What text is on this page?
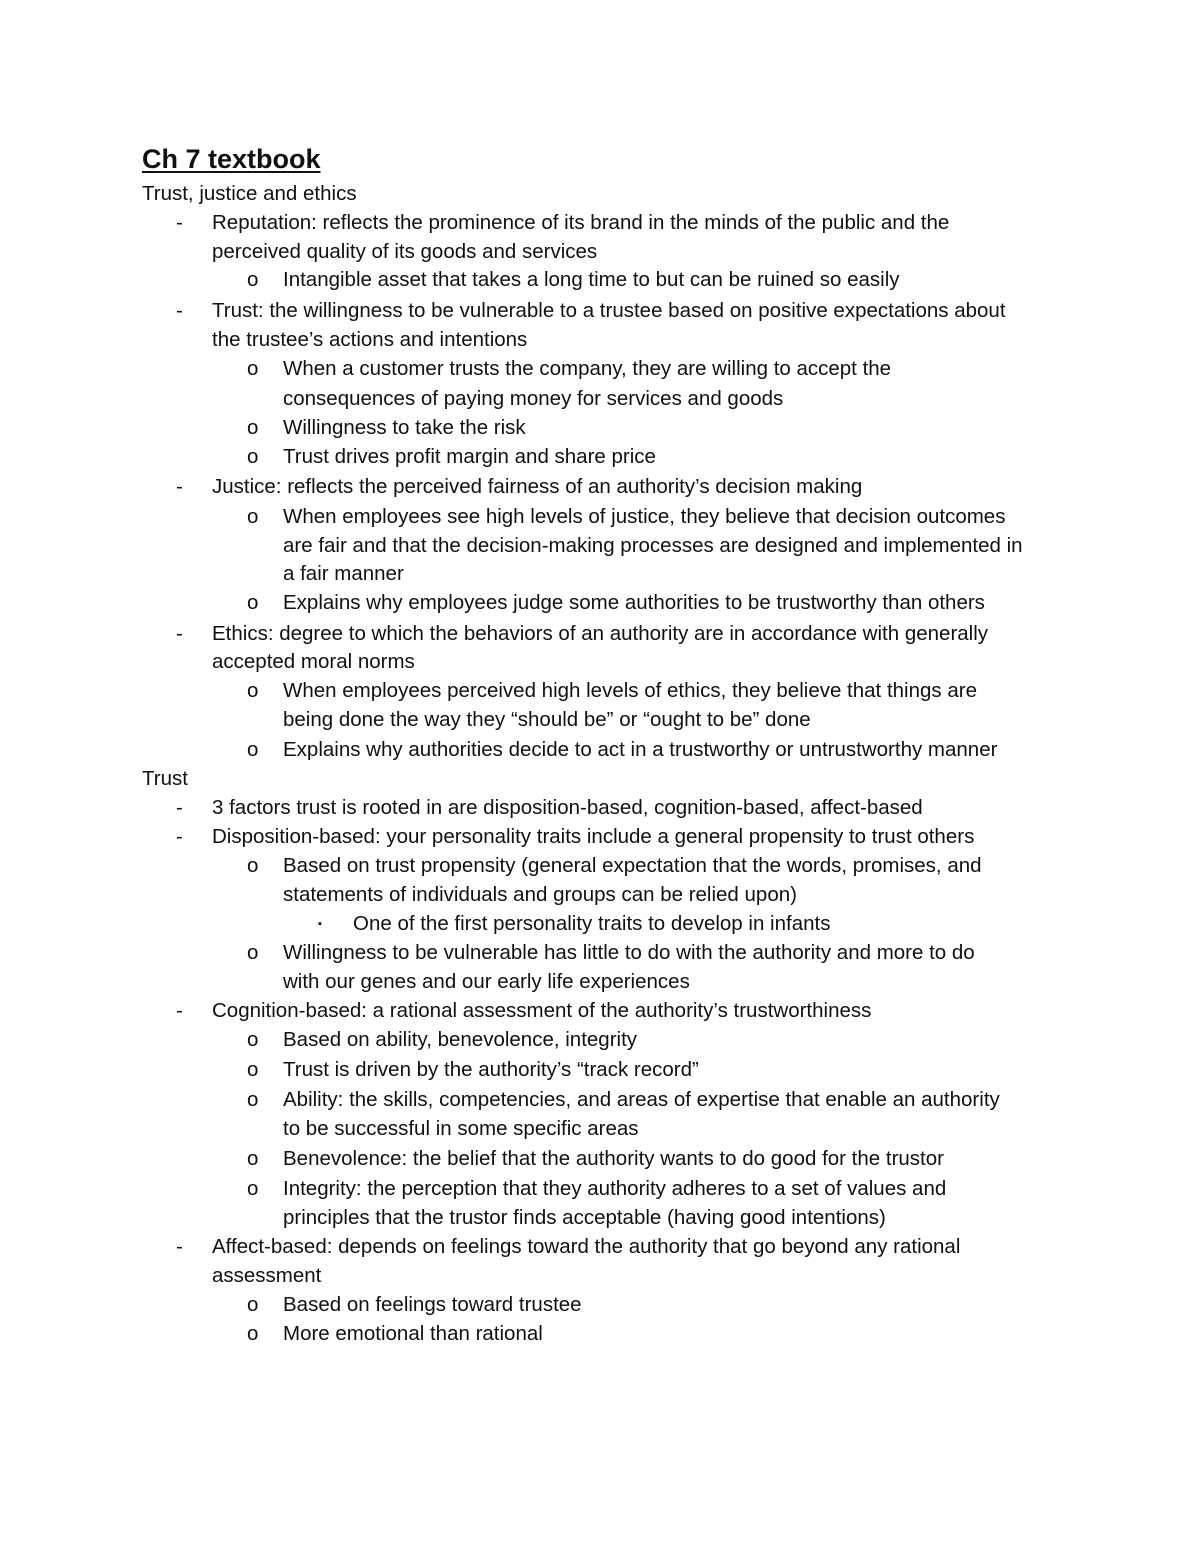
Ch 7 textbook
Trust, justice and ethics
- Reputation: reflects the prominence of its brand in the minds of the public and the
perceived quality of its goods and services
o Intangible asset that takes a long time to but can be ruined so easily
- Trust: the willingness to be vulnerable to a trustee based on positive expectations about
the trustee’s actions and intentions
o When a customer trusts the company, they are willing to accept the
consequences of paying money for services and goods
o Willingness to take the risk
o Trust drives profit margin and share price
- Justice: reflects the perceived fairness of an authority’s decision making
o When employees see high levels of justice, they believe that decision outcomes
are fair and that the decision-making processes are designed and implemented in
a fair manner
o Explains why employees judge some authorities to be trustworthy than others
- Ethics: degree to which the behaviors of an authority are in accordance with generally
accepted moral norms
o When employees perceived high levels of ethics, they believe that things are
being done the way they “should be” or “ought to be” done
o Explains why authorities decide to act in a trustworthy or untrustworthy manner
Trust
- 3 factors trust is rooted in are disposition-based, cognition-based, affect-based
- Disposition-based: your personality traits include a general propensity to trust others
o Based on trust propensity (general expectation that the words, promises, and
statements of individuals and groups can be relied upon)
▪ One of the first personality traits to develop in infants
o Willingness to be vulnerable has little to do with the authority and more to do
with our genes and our early life experiences
- Cognition-based: a rational assessment of the authority’s trustworthiness
o Based on ability, benevolence, integrity
o Trust is driven by the authority’s “track record”
o Ability: the skills, competencies, and areas of expertise that enable an authority
to be successful in some specific areas
o Benevolence: the belief that the authority wants to do good for the trustor
o Integrity: the perception that they authority adheres to a set of values and
principles that the trustor finds acceptable (having good intentions)
- Affect-based: depends on feelings toward the authority that go beyond any rational
assessment
o Based on feelings toward trustee
o More emotional than rational
